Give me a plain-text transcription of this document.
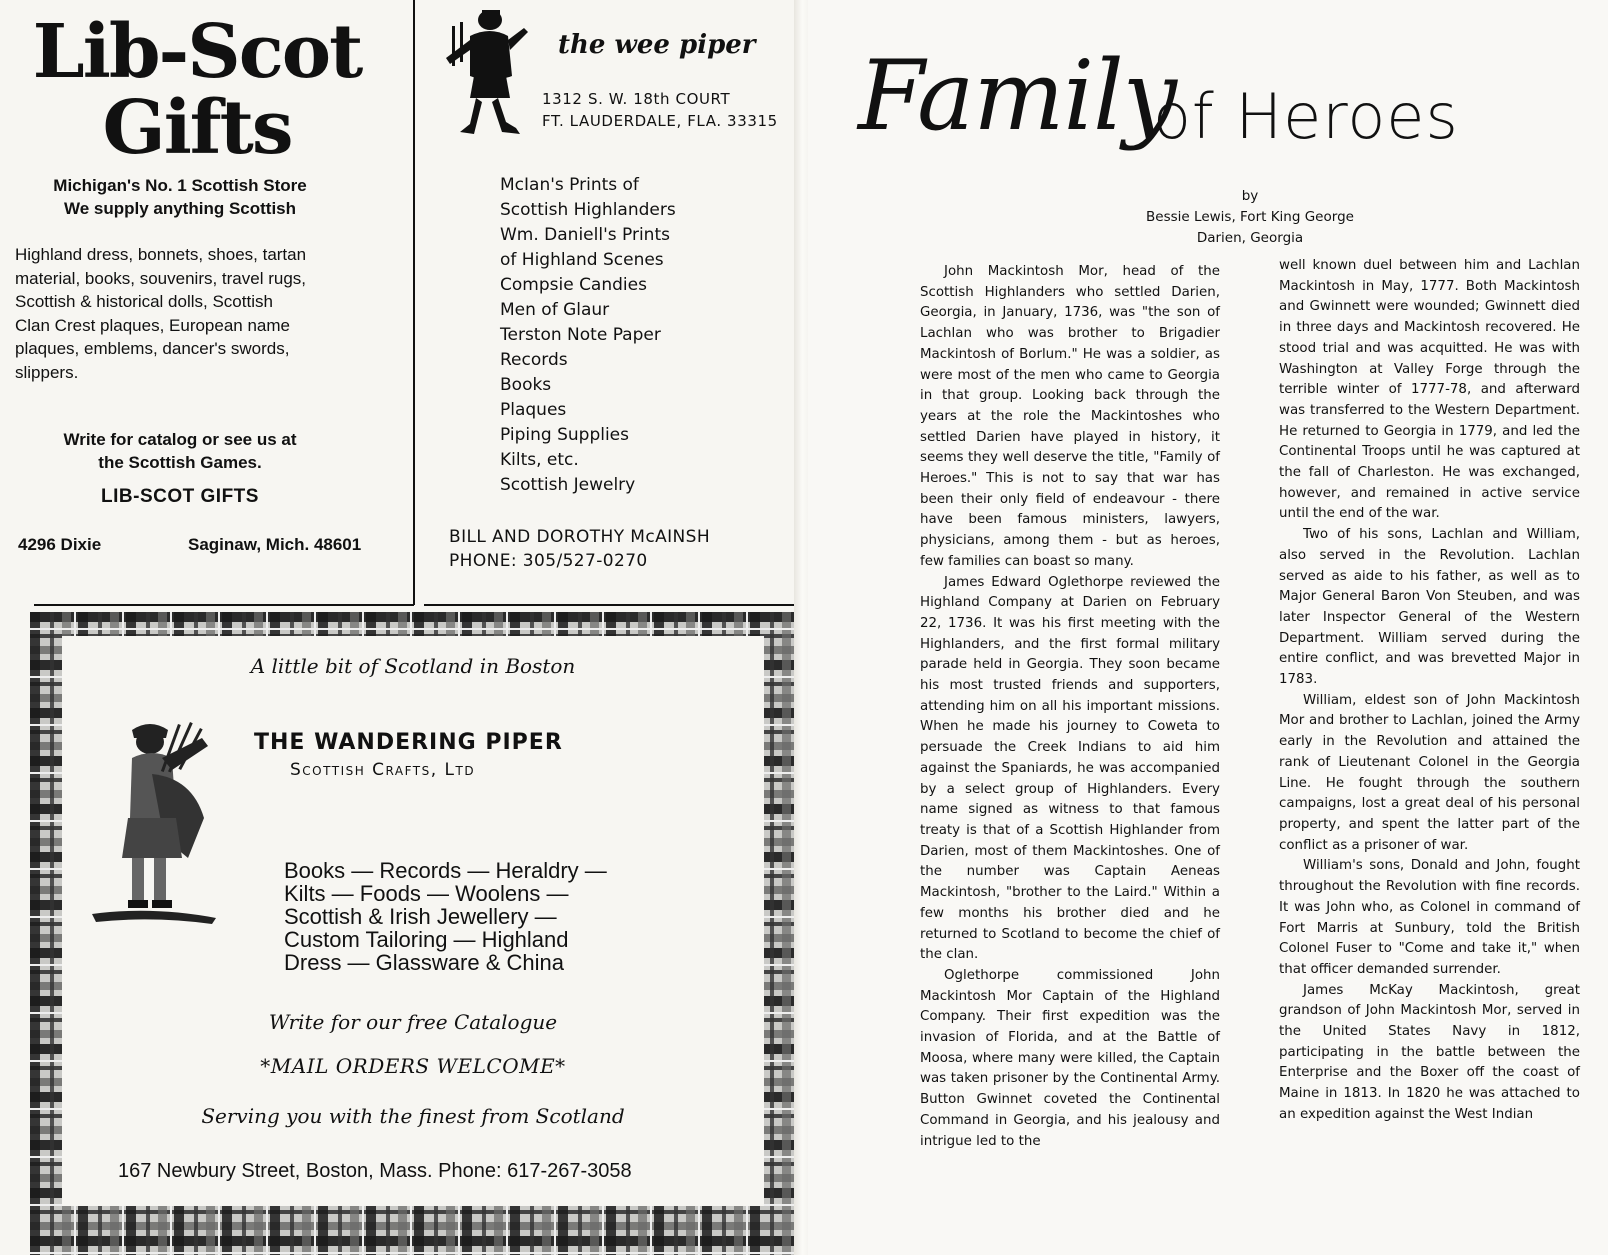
Lib-Scot
Gifts
Michigan's No. 1 Scottish Store
We supply anything Scottish
Highland dress, bonnets, shoes, tartan
material, books, souvenirs, travel rugs,
Scottish & historical dolls, Scottish
Clan Crest plaques, European name
plaques, emblems, dancer's swords,
slippers.
Write for catalog or see us at
the Scottish Games.
LIB-SCOT GIFTS
4296 Dixie	Saginaw, Mich. 48601
the wee piper
1312 S. W. 18th COURT
FT. LAUDERDALE, FLA. 33315
McIan's Prints of
Scottish Highlanders
Wm. Daniell's Prints
of Highland Scenes
Compsie Candies
Men of Glaur
Terston Note Paper
Records
Books
Plaques
Piping Supplies
Kilts, etc.
Scottish Jewelry
BILL AND DOROTHY McAINSH
PHONE: 305/527-0270
A little bit of Scotland in Boston
THE WANDERING PIPER
Scottish Crafts, Ltd
Books — Records — Heraldry —
Kilts — Foods — Woolens —
Scottish & Irish Jewellery —
Custom Tailoring — Highland
Dress — Glassware & China
Write for our free Catalogue
*MAIL ORDERS WELCOME*
Serving you with the finest from Scotland
167 Newbury Street, Boston, Mass. Phone: 617-267-3058
Family
of Heroes
by
Bessie Lewis, Fort King George
Darien, Georgia

John Mackintosh Mor, head of the Scottish Highlanders who settled Darien, Georgia, in January, 1736, was "the son of Lachlan who was brother to Brigadier Mackintosh of Borlum." He was a soldier, as were most of the men who came to Georgia in that group. Looking back through the years at the role the Mackintoshes who settled Darien have played in history, it seems they well deserve the title, "Family of Heroes." This is not to say that war has been their only field of endeavour - there have been famous ministers, lawyers, physicians, among them - but as heroes, few families can boast so many.

James Edward Oglethorpe reviewed the Highland Company at Darien on February 22, 1736. It was his first meeting with the Highlanders, and the first formal military parade held in Georgia. They soon became his most trusted friends and supporters, attending him on all his important missions. When he made his journey to Coweta to persuade the Creek Indians to aid him against the Spaniards, he was accompanied by a select group of Highlanders. Every name signed as witness to that famous treaty is that of a Scottish Highlander from Darien, most of them Mackintoshes. One of the number was Captain Aeneas Mackintosh, "brother to the Laird." Within a few months his brother died and he returned to Scotland to become the chief of the clan.

Oglethorpe commissioned John Mackintosh Mor Captain of the Highland Company. Their first expedition was the invasion of Florida, and at the Battle of Moosa, where many were killed, the Captain was taken prisoner by the Continental Army. Button Gwinnet coveted the Continental Command in Georgia, and his jealousy and intrigue led to the

well known duel between him and Lachlan Mackintosh in May, 1777. Both Mackintosh and Gwinnett were wounded; Gwinnett died in three days and Mackintosh recovered. He stood trial and was acquitted. He was with Washington at Valley Forge through the terrible winter of 1777-78, and afterward was transferred to the Western Department. He returned to Georgia in 1779, and led the Continental Troops until he was captured at the fall of Charleston. He was exchanged, however, and remained in active service until the end of the war.

Two of his sons, Lachlan and William, also served in the Revolution. Lachlan served as aide to his father, as well as to Major General Baron Von Steuben, and was later Inspector General of the Western Department. William served during the entire conflict, and was brevetted Major in 1783.

William, eldest son of John Mackintosh Mor and brother to Lachlan, joined the Army early in the Revolution and attained the rank of Lieutenant Colonel in the Georgia Line. He fought through the southern campaigns, lost a great deal of his personal property, and spent the latter part of the conflict as a prisoner of war.

William's sons, Donald and John, fought throughout the Revolution with fine records. It was John who, as Colonel in command of Fort Marris at Sunbury, told the British Colonel Fuser to "Come and take it," when that officer demanded surrender.

James McKay Mackintosh, great grandson of John Mackintosh Mor, served in the United States Navy in 1812, participating in the battle between the Enterprise and the Boxer off the coast of Maine in 1813. In 1820 he was attached to an expedition against the West Indian
